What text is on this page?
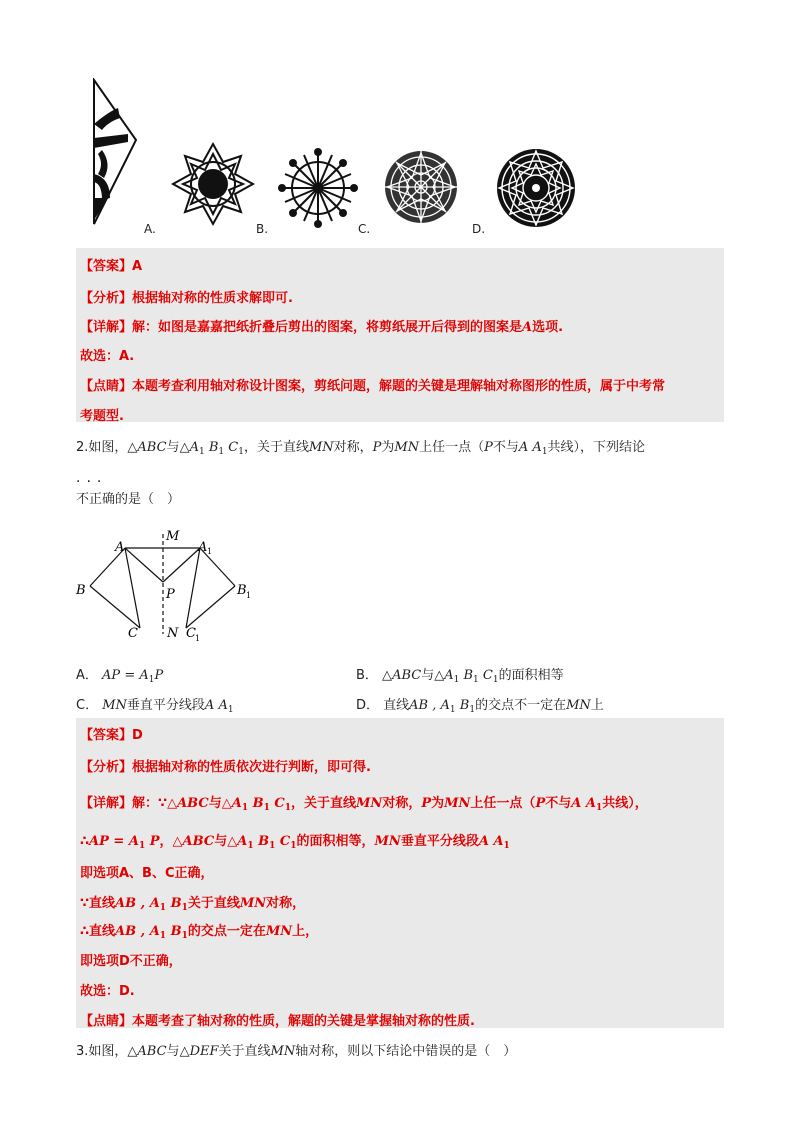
A.	B.	C.	D.
【答案】A
【分析】根据轴对称的性质求解即可.
【详解】解：如图是嘉嘉把纸折叠后剪出的图案，将剪纸展开后得到的图案是A选项.
故选：A.
【点睛】本题考查利用轴对称设计图案，剪纸问题，解题的关键是理解轴对称图形的性质，属于中考常
考题型.
2.如图，△ABC与$\triangle A_1$ $B_1$ $C_1$，关于直线MN对称，P为MN上任一点（P不与A $A_1$共线），下列结论
···
不正确的是（　）
M
N
A	A 1
B	B 1
P
C	C 1
A． AP = $A_1P$	B． △ABC与$\triangle A_1$ $B_1$ $C_1$的面积相等
C． MN垂直平分线段A $A_1$	D． 直线AB , $A_1$ $B_1$的交点不一定在MN上
【答案】D
【分析】根据轴对称的性质依次进行判断，即可得.
【详解】解：∵△ABC与$\triangle A_1$ $B_1$ $C_1$，关于直线MN对称，P为MN上任一点（P不与A $A_1$共线），
∴AP = $A_1$ P，△ABC与$\triangle A_1$ $B_1$ $C_1$的面积相等，MN垂直平分线段A $A_1$
即选项A、B、C正确，
∵直线AB , $A_1$ $B_1$关于直线MN对称，
∴直线AB , $A_1$ $B_1$的交点一定在MN上，
即选项D不正确，
故选：D.
【点睛】本题考查了轴对称的性质，解题的关键是掌握轴对称的性质.
3.如图，△ABC与△DEF关于直线MN轴对称，则以下结论中错误的是（　）
